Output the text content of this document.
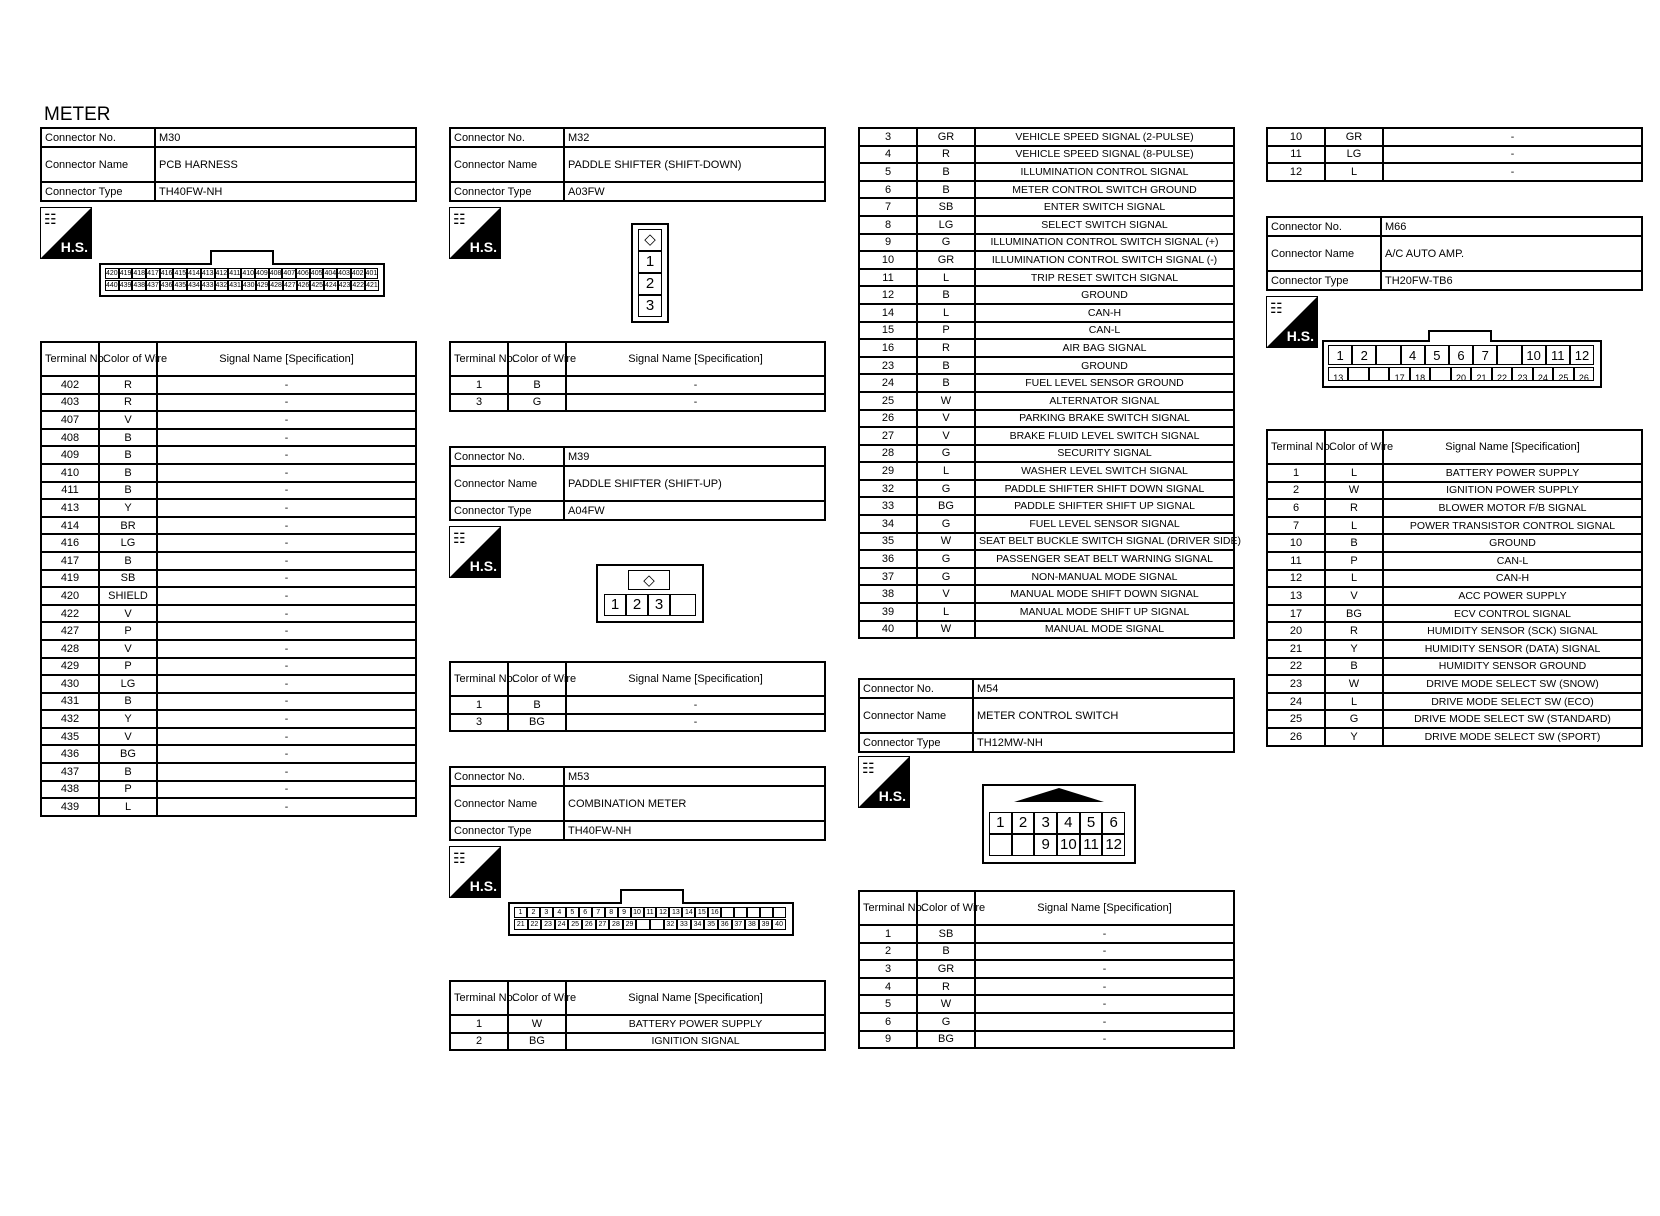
METER
Connector No.	M30
Connector Name	PCB HARNESS
Connector Type	TH40FW-NH
☷
H.S.
420 419 418 417 416 415 414 413 412 411 410 409 408 407 406 405 404 403 402 401
440 439 438 437 436 435 434 433 432 431 430 429 428 427 426 425 424 423 422 421
Terminal No.	Color of Wire	Signal Name [Specification]
402	R	-
403	R	-
407	V	-
408	B	-
409	B	-
410	B	-
411	B	-
413	Y	-
414	BR	-
416	LG	-
417	B	-
419	SB	-
420	SHIELD	-
422	V	-
427	P	-
428	V	-
429	P	-
430	LG	-
431	B	-
432	Y	-
435	V	-
436	BG	-
437	B	-
438	P	-
439	L	-
Connector No.	M32
Connector Name	PADDLE SHIFTER (SHIFT-DOWN)
Connector Type	A03FW
☷
H.S.	◇
1
2
3
Terminal No.	Color of Wire	Signal Name [Specification]
1	B	-
3	G	-
Connector No.	M39
Connector Name	PADDLE SHIFTER (SHIFT-UP)
Connector Type	A04FW
☷
H.S.
◇
1 2 3
Terminal No.	Color of Wire	Signal Name [Specification]
1	B	-
3	BG	-
Connector No.	M53
Connector Name	COMBINATION METER
Connector Type	TH40FW-NH
☷
H.S.
1	2	3	4	5	6	7	8	9	10 11 12 13 14 15 16
21 22 23 24 25 26 27 28 29	32 33 34 35 36 37 38 39 40
Terminal No.	Color of Wire	Signal Name [Specification]
1	W	BATTERY POWER SUPPLY
2	BG	IGNITION SIGNAL
3	GR	VEHICLE SPEED SIGNAL (2-PULSE)
4	R	VEHICLE SPEED SIGNAL (8-PULSE)
5	B	ILLUMINATION CONTROL SIGNAL
6	B	METER CONTROL SWITCH GROUND
7	SB	ENTER SWITCH SIGNAL
8	LG	SELECT SWITCH SIGNAL
9	G	ILLUMINATION CONTROL SWITCH SIGNAL (+)
10	GR	ILLUMINATION CONTROL SWITCH SIGNAL (-)
11	L	TRIP RESET SWITCH SIGNAL
12	B	GROUND
14	L	CAN-H
15	P	CAN-L
16	R	AIR BAG SIGNAL
23	B	GROUND
24	B	FUEL LEVEL SENSOR GROUND
25	W	ALTERNATOR SIGNAL
26	V	PARKING BRAKE SWITCH SIGNAL
27	V	BRAKE FLUID LEVEL SWITCH SIGNAL
28	G	SECURITY SIGNAL
29	L	WASHER LEVEL SWITCH SIGNAL
32	G	PADDLE SHIFTER SHIFT DOWN SIGNAL
33	BG	PADDLE SHIFTER SHIFT UP SIGNAL
34	G	FUEL LEVEL SENSOR SIGNAL
35	W	SEAT BELT BUCKLE SWITCH SIGNAL (DRIVER SIDE)
36	G	PASSENGER SEAT BELT WARNING SIGNAL
37	G	NON-MANUAL MODE SIGNAL
38	V	MANUAL MODE SHIFT DOWN SIGNAL
39	L	MANUAL MODE SHIFT UP SIGNAL
40	W	MANUAL MODE SIGNAL
Connector No.	M54
Connector Name	METER CONTROL SWITCH
Connector Type	TH12MW-NH
☷
H.S.
1 2 3 4 5 6
9 10 11 12
Terminal No.	Color of Wire	Signal Name [Specification]
1	SB	-
2	B	-
3	GR	-
4	R	-
5	W	-
6	G	-
9	BG	-
10	GR	-
11	LG	-
12	L	-
Connector No.	M66
Connector Name	A/C AUTO AMP.
Connector Type	TH20FW-TB6
☷
H.S.
1	2	4	5	6	7	10 11 12
13	17	18	20	21	22	23	24	25	26
Terminal No.	Color of Wire	Signal Name [Specification]
1	L	BATTERY POWER SUPPLY
2	W	IGNITION POWER SUPPLY
6	R	BLOWER MOTOR F/B SIGNAL
7	L	POWER TRANSISTOR CONTROL SIGNAL
10	B	GROUND
11	P	CAN-L
12	L	CAN-H
13	V	ACC POWER SUPPLY
17	BG	ECV CONTROL SIGNAL
20	R	HUMIDITY SENSOR (SCK) SIGNAL
21	Y	HUMIDITY SENSOR (DATA) SIGNAL
22	B	HUMIDITY SENSOR GROUND
23	W	DRIVE MODE SELECT SW (SNOW)
24	L	DRIVE MODE SELECT SW (ECO)
25	G	DRIVE MODE SELECT SW (STANDARD)
26	Y	DRIVE MODE SELECT SW (SPORT)
